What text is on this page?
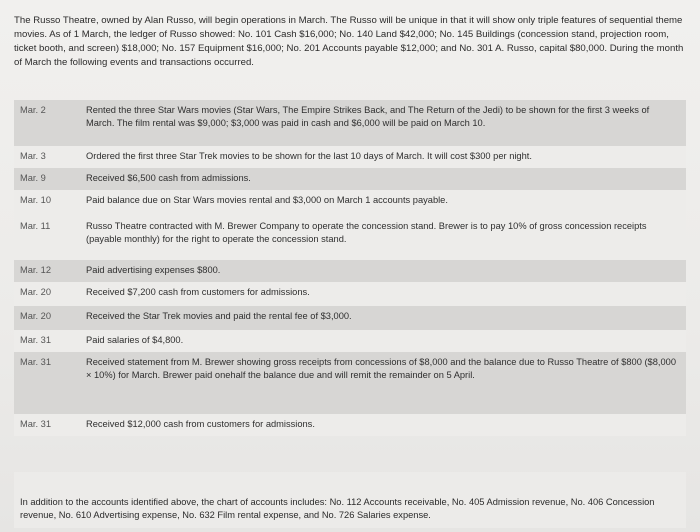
The Russo Theatre, owned by Alan Russo, will begin operations in March. The Russo will be unique in that it will show only triple features of sequential theme movies. As of 1 March, the ledger of Russo showed: No. 101 Cash $16,000; No. 140 Land $42,000; No. 145 Buildings (concession stand, projection room, ticket booth, and screen) $18,000; No. 157 Equipment $16,000; No. 201 Accounts payable $12,000; and No. 301 A. Russo, capital $80,000. During the month of March the following events and transactions occurred.
Mar. 2	Rented the three Star Wars movies (Star Wars, The Empire Strikes Back, and The Return of the Jedi) to be shown for the first 3 weeks of March. The film rental was $9,000; $3,000 was paid in cash and $6,000 will be paid on March 10.
Mar. 3	Ordered the first three Star Trek movies to be shown for the last 10 days of March. It will cost $300 per night.
Mar. 9	Received $6,500 cash from admissions.
Mar. 10	Paid balance due on Star Wars movies rental and $3,000 on March 1 accounts payable.
Mar. 11	Russo Theatre contracted with M. Brewer Company to operate the concession stand. Brewer is to pay 10% of gross concession receipts (payable monthly) for the right to operate the concession stand.
Mar. 12	Paid advertising expenses $800.
Mar. 20	Received $7,200 cash from customers for admissions.
Mar. 20	Received the Star Trek movies and paid the rental fee of $3,000.
Mar. 31	Paid salaries of $4,800.
Mar. 31	Received statement from M. Brewer showing gross receipts from concessions of $8,000 and the balance due to Russo Theatre of $800 ($8,000 × 10%) for March. Brewer paid onehalf the balance due and will remit the remainder on 5 April.
Mar. 31	Received $12,000 cash from customers for admissions.
In addition to the accounts identified above, the chart of accounts includes: No. 112 Accounts receivable, No. 405 Admission revenue, No. 406 Concession revenue, No. 610 Advertising expense, No. 632 Film rental expense, and No. 726 Salaries expense.
